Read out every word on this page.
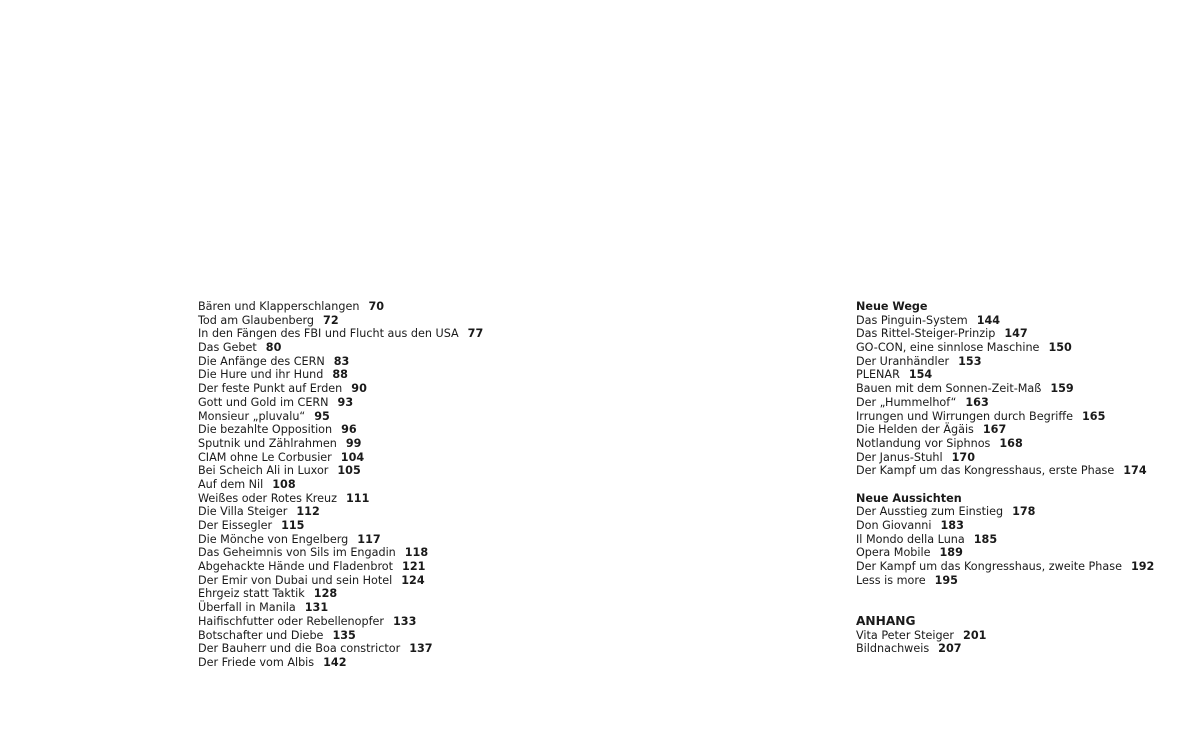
Bären und Klapperschlangen 70
Tod am Glaubenberg 72
In den Fängen des FBI und Flucht aus den USA 77
Das Gebet 80
Die Anfänge des CERN 83
Die Hure und ihr Hund 88
Der feste Punkt auf Erden 90
Gott und Gold im CERN 93
Monsieur „pluvalu“ 95
Die bezahlte Opposition 96
Sputnik und Zählrahmen 99
CIAM ohne Le Corbusier 104
Bei Scheich Ali in Luxor 105
Auf dem Nil 108
Weißes oder Rotes Kreuz 111
Die Villa Steiger 112
Der Eissegler 115
Die Mönche von Engelberg 117
Das Geheimnis von Sils im Engadin 118
Abgehackte Hände und Fladenbrot 121
Der Emir von Dubai und sein Hotel 124
Ehrgeiz statt Taktik 128
Überfall in Manila 131
Haifischfutter oder Rebellenopfer 133
Botschafter und Diebe 135
Der Bauherr und die Boa constrictor 137
Der Friede vom Albis 142
Neue Wege
Das Pinguin-System 144
Das Rittel-Steiger-Prinzip 147
GO-CON, eine sinnlose Maschine 150
Der Uranhändler 153
PLENAR 154
Bauen mit dem Sonnen-Zeit-Maß 159
Der „Hummelhof“ 163
Irrungen und Wirrungen durch Begriffe 165
Die Helden der Ägäis 167
Notlandung vor Siphnos 168
Der Janus-Stuhl 170
Der Kampf um das Kongresshaus, erste Phase 174
Neue Aussichten
Der Ausstieg zum Einstieg 178
Don Giovanni 183
Il Mondo della Luna 185
Opera Mobile 189
Der Kampf um das Kongresshaus, zweite Phase 192
Less is more 195
ANHANG
Vita Peter Steiger 201
Bildnachweis 207
